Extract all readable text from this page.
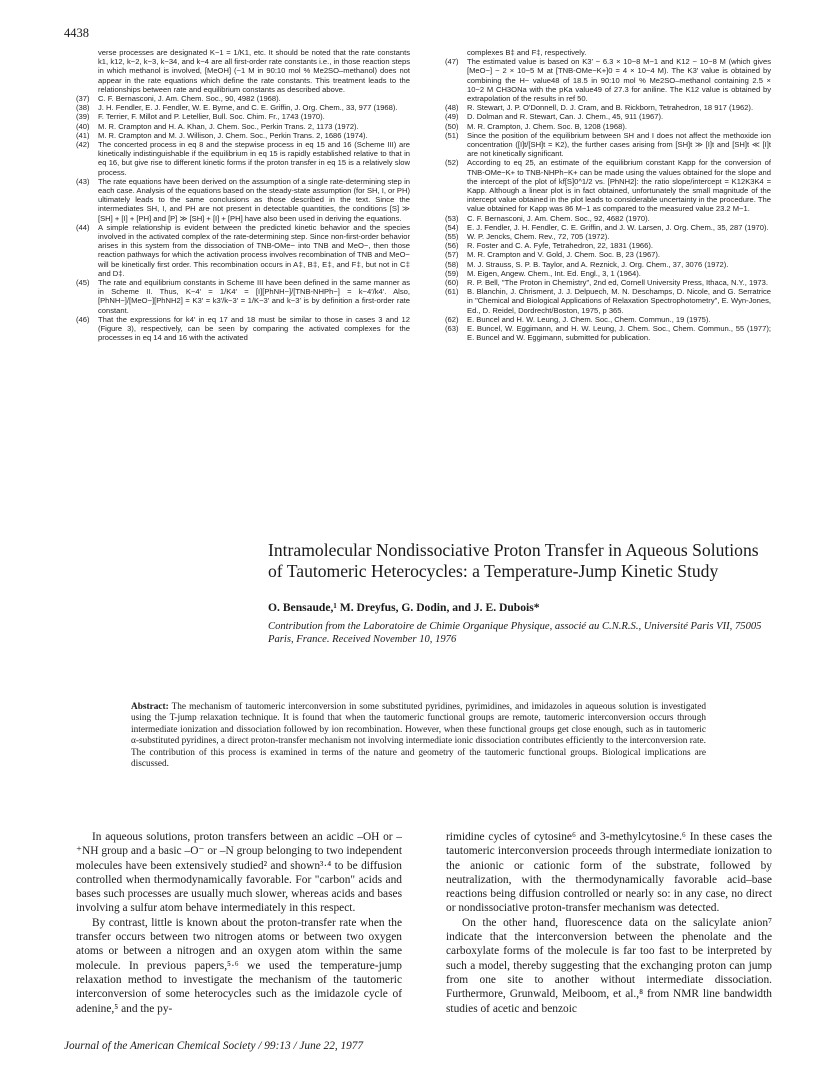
4438
verse processes are designated K−1 = 1/K1, etc. It should be noted that the rate constants k1, k12, k−2, k−3, k−34, and k−4 are all first-order rate constants i.e., in those reaction steps in which methanol is involved, [MeOH] (~1 M in 90:10 mol % Me2SO–methanol) does not appear in the rate equations which define the rate constants. This treatment leads to the relationships between rate and equilibrium constants as described above.
(37) C. F. Bernasconi, J. Am. Chem. Soc., 90, 4982 (1968).
(38) J. H. Fendler, E. J. Fendler, W. E. Byrne, and C. E. Griffin, J. Org. Chem., 33, 977 (1968).
(39) F. Terrier, F. Millot and P. Letellier, Bull. Soc. Chim. Fr., 1743 (1970).
(40) M. R. Crampton and H. A. Khan, J. Chem. Soc., Perkin Trans. 2, 1173 (1972).
(41) M. R. Crampton and M. J. Willison, J. Chem. Soc., Perkin Trans. 2, 1686 (1974).
(42) The concerted process in eq 8 and the stepwise process in eq 15 and 16 (Scheme III) are kinetically indistinguishable if the equilibrium in eq 15 is rapidly established relative to that in eq 16, but give rise to different kinetic forms if the proton transfer in eq 15 is a relatively slow process.
(43) The rate equations have been derived on the assumption of a single rate-determining step in each case. Analysis of the equations based on the steady-state assumption (for SH, I, or PH) ultimately leads to the same conclusions as those described in the text. Since the intermediates SH, I, and PH are not present in detectable quantities, the conditions [S] ≫ [SH] + [I] + [PH] and [P] ≫ [SH] + [I] + [PH] have also been used in deriving the equations.
(44) A simple relationship is evident between the predicted kinetic behavior and the species involved in the activated complex of the rate-determining step. Since non-first-order behavior arises in this system from the dissociation of TNB-OMe− into TNB and MeO−, then those reaction pathways for which the activation process involves recombination of TNB and MeO− will be kinetically first order. This recombination occurs in A‡, B‡, E‡, and F‡, but not in C‡ and D‡.
(45) The rate and equilibrium constants in Scheme III have been defined in the same manner as in Scheme II. Thus, K−4′ = 1/K4′ = [I][PhNH−]/[TNB-NHPh−] = k−4′/k4′. Also, [PhNH−]/[MeO−][PhNH2] = K3′ = k3′/k−3′ = 1/K−3′ and k−3′ is by definition a first-order rate constant.
(46) That the expressions for k4′ in eq 17 and 18 must be similar to those in cases 3 and 12 (Figure 3), respectively, can be seen by comparing the activated complexes for the processes in eq 14 and 16 with the activated
complexes B‡ and F‡, respectively.
(47) The estimated value is based on K3′ ~ 6.3 × 10−8 M−1 and K12 ~ 10−8 M (which gives [MeO−] ~ 2 × 10−5 M at [TNB-OMe−K+]0 = 4 × 10−4 M). The K3′ value is obtained by combining the H− value48 of 18.5 in 90:10 mol % Me2SO–methanol containing 2.5 × 10−2 M CH3ONa with the pKa value49 of 27.3 for aniline. The K12 value is obtained by extrapolation of the results in ref 50.
(48) R. Stewart, J. P. O'Donnell, D. J. Cram, and B. Rickborn, Tetrahedron, 18 917 (1962).
(49) D. Dolman and R. Stewart, Can. J. Chem., 45, 911 (1967).
(50) M. R. Crampton, J. Chem. Soc. B, 1208 (1968).
(51) Since the position of the equilibrium between SH and I does not affect the methoxide ion concentration ([I]t/[SH]t = K2), the further cases arising from [SH]t ≫ [I]t and [SH]t ≪ [I]t are not kinetically significant.
(52) According to eq 25, an estimate of the equilibrium constant Kapp for the conversion of TNB-OMe−K+ to TNB-NHPh−K+ can be made using the values obtained for the slope and the intercept of the plot of kf[S]0^1/2 vs. [PhNH2]: the ratio slope/intercept = K12K3K4 = Kapp. Although a linear plot is in fact obtained, unfortunately the small magnitude of the intercept value obtained in the plot leads to considerable uncertainty in the procedure. The value obtained for Kapp was 86 M−1 as compared to the measured value 23.2 M−1.
(53) C. F. Bernasconi, J. Am. Chem. Soc., 92, 4682 (1970).
(54) E. J. Fendler, J. H. Fendler, C. E. Griffin, and J. W. Larsen, J. Org. Chem., 35, 287 (1970).
(55) W. P. Jencks, Chem. Rev., 72, 705 (1972).
(56) R. Foster and C. A. Fyfe, Tetrahedron, 22, 1831 (1966).
(57) M. R. Crampton and V. Gold, J. Chem. Soc. B, 23 (1967).
(58) M. J. Strauss, S. P. B. Taylor, and A. Reznick, J. Org. Chem., 37, 3076 (1972).
(59) M. Eigen, Angew. Chem., Int. Ed. Engl., 3, 1 (1964).
(60) R. P. Bell, "The Proton in Chemistry", 2nd ed, Cornell University Press, Ithaca, N.Y., 1973.
(61) B. Blanchin, J. Chrisment, J. J. Delpuech, M. N. Deschamps, D. Nicole, and G. Serratrice in "Chemical and Biological Applications of Relaxation Spectrophotometry", E. Wyn-Jones, Ed., D. Reidel, Dordrecht/Boston, 1975, p 365.
(62) E. Buncel and H. W. Leung, J. Chem. Soc., Chem. Commun., 19 (1975).
(63) E. Buncel, W. Eggimann, and H. W. Leung, J. Chem. Soc., Chem. Commun., 55 (1977); E. Buncel and W. Eggimann, submitted for publication.
Intramolecular Nondissociative Proton Transfer in Aqueous Solutions of Tautomeric Heterocycles: a Temperature-Jump Kinetic Study
O. Bensaude,¹ M. Dreyfus, G. Dodin, and J. E. Dubois*
Contribution from the Laboratoire de Chimie Organique Physique, associé au C.N.R.S., Université Paris VII, 75005 Paris, France. Received November 10, 1976

Abstract: The mechanism of tautomeric interconversion in some substituted pyridines, pyrimidines, and imidazoles in aqueous solution is investigated using the T-jump relaxation technique. It is found that when the tautomeric functional groups are remote, tautomeric interconversion occurs through intermediate ionization and dissociation followed by ion recombination. However, when these functional groups get close enough, such as in tautomeric α-substituted pyridines, a direct proton-transfer mechanism not involving intermediate ionic dissociation contributes efficiently to the interconversion rate. The contribution of this process is examined in terms of the nature and geometry of the tautomeric functional groups. Biological implications are discussed.

In aqueous solutions, proton transfers between an acidic –OH or –⁺NH group and a basic –O⁻ or –N group belonging to two independent molecules have been extensively studied² and shown³·⁴ to be diffusion controlled when thermodynamically favorable. For "carbon" acids and bases such processes are usually much slower, whereas acids and bases involving a sulfur atom behave intermediately in this respect.

By contrast, little is known about the proton-transfer rate when the transfer occurs between two nitrogen atoms or between two oxygen atoms or between a nitrogen and an oxygen atom within the same molecule. In previous papers,⁵·⁶ we used the temperature-jump relaxation method to investigate the mechanism of the tautomeric interconversion of some heterocycles such as the imidazole cycle of adenine,⁵ and the py-

rimidine cycles of cytosine⁶ and 3-methylcytosine.⁶ In these cases the tautomeric interconversion proceeds through intermediate ionization to the anionic or cationic form of the substrate, followed by neutralization, with the thermodynamically favorable acid–base reactions being diffusion controlled or nearly so: in any case, no direct or nondissociative proton-transfer mechanism was detected.

On the other hand, fluorescence data on the salicylate anion⁷ indicate that the interconversion between the phenolate and the carboxylate forms of the molecule is far too fast to be interpreted by such a model, thereby suggesting that the exchanging proton can jump from one site to another without intermediate dissociation. Furthermore, Grunwald, Meiboom, et al.,⁸ from NMR line bandwidth studies of acetic and benzoic

Journal of the American Chemical Society / 99:13 / June 22, 1977
